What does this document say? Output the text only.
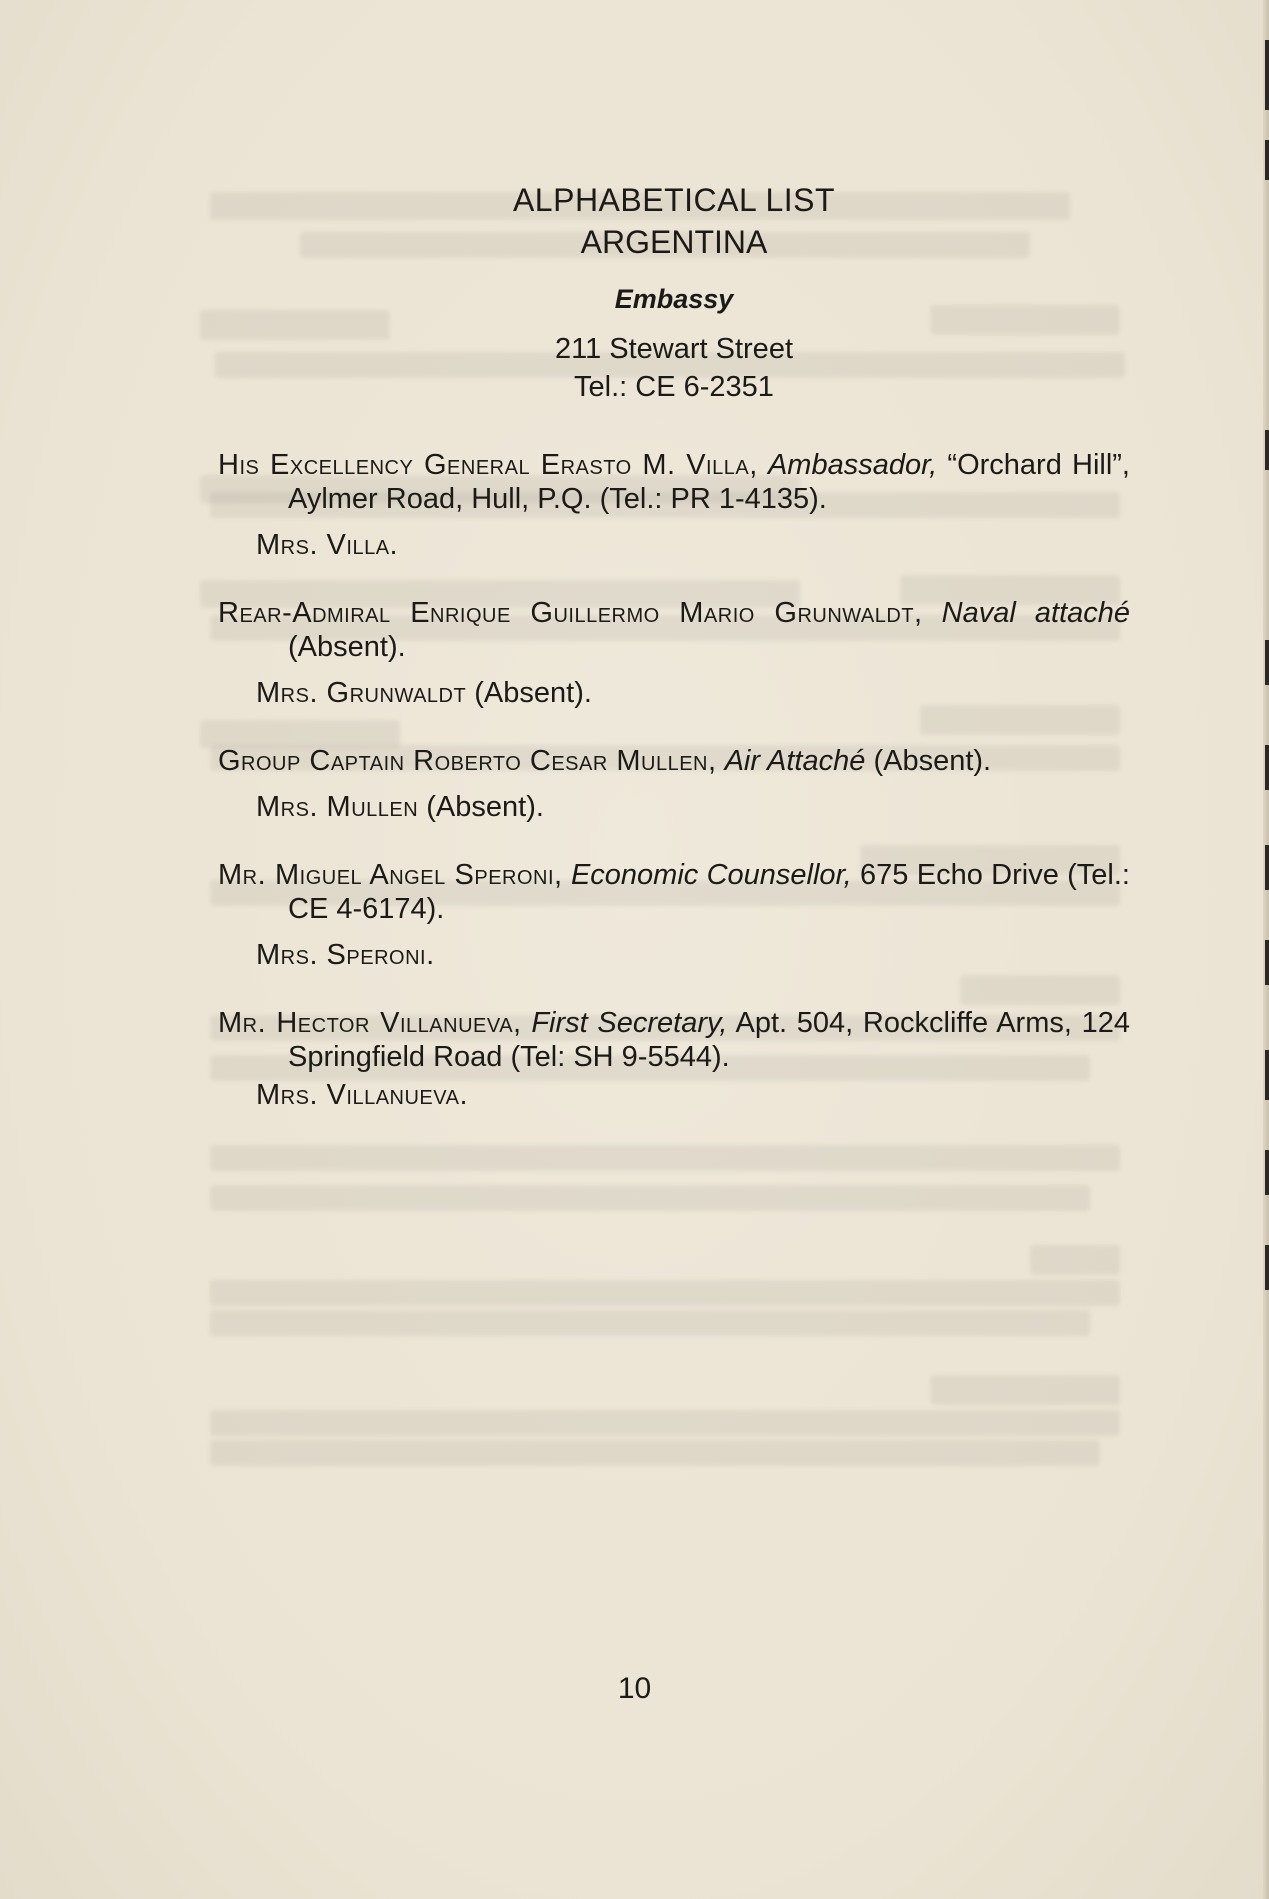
ALPHABETICAL LIST
ARGENTINA
Embassy
211 Stewart Street
Tel.: CE 6-2351
His Excellency General Erasto M. Villa, Ambassador, “Orchard Hill”, Aylmer Road, Hull, P.Q. (Tel.: PR 1-4135).
Mrs. Villa.
Rear-Admiral Enrique Guillermo Mario Grunwaldt, Naval attaché (Absent).
Mrs. Grunwaldt (Absent).
Group Captain Roberto Cesar Mullen, Air Attaché (Absent).
Mrs. Mullen (Absent).
Mr. Miguel Angel Speroni, Economic Counsellor, 675 Echo Drive (Tel.: CE 4-6174).
Mrs. Speroni.
Mr. Hector Villanueva, First Secretary, Apt. 504, Rockcliffe Arms, 124 Springfield Road (Tel: SH 9-5544).
Mrs. Villanueva.
10
